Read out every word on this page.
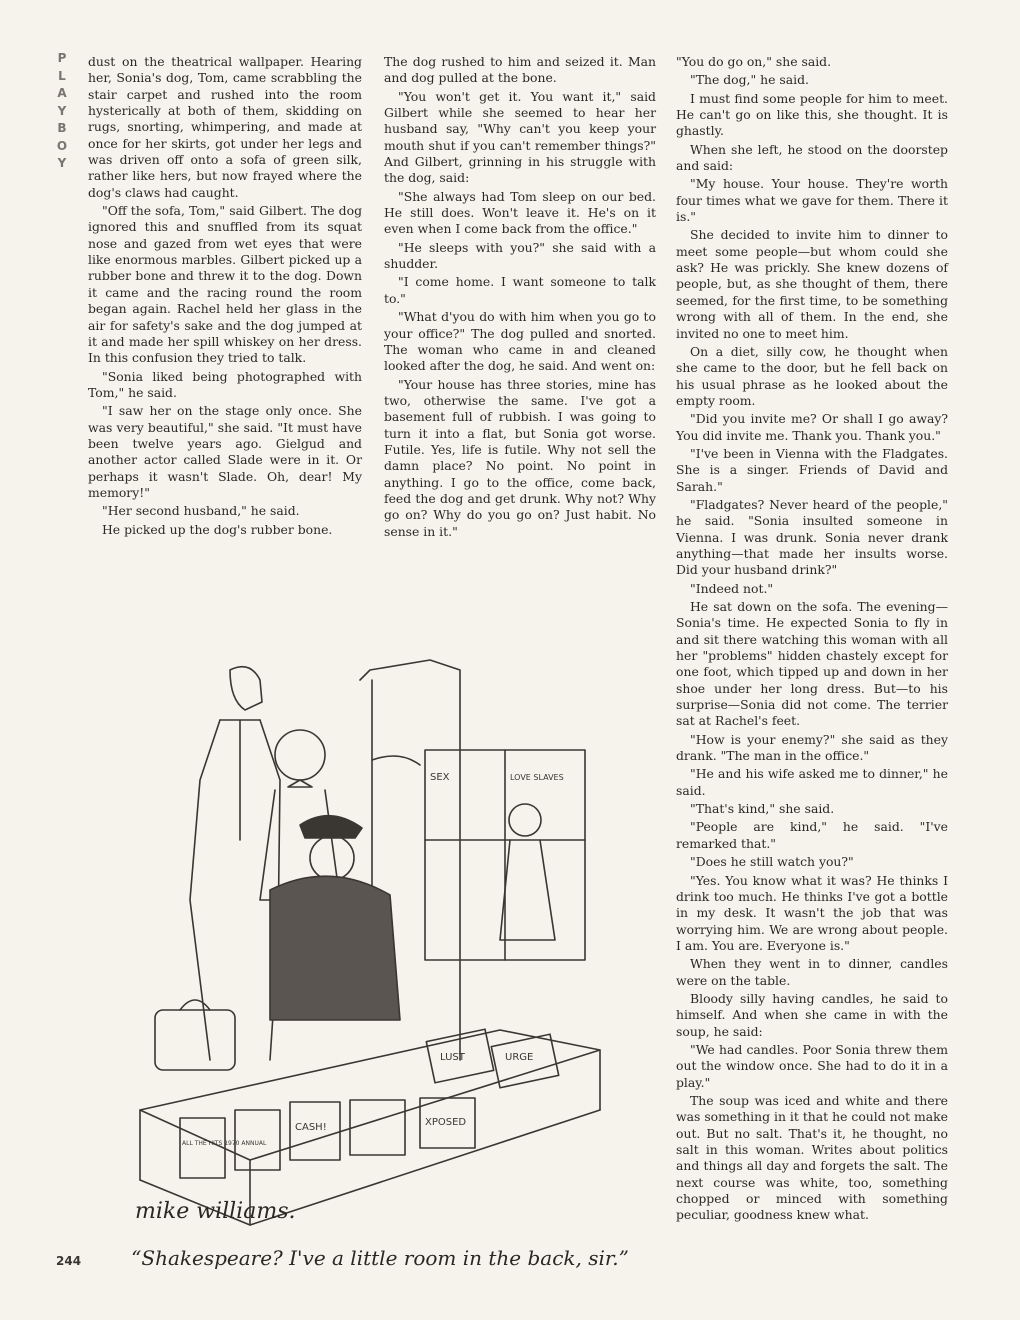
P
L
A
Y
B
O
Y

dust on the theatrical wallpaper. Hearing her, Sonia's dog, Tom, came scrabbling the stair carpet and rushed into the room hysterically at both of them, skidding on rugs, snorting, whimpering, and made at once for her skirts, got under her legs and was driven off onto a sofa of green silk, rather like hers, but now frayed where the dog's claws had caught.

"Off the sofa, Tom," said Gilbert. The dog ignored this and snuffled from its squat nose and gazed from wet eyes that were like enormous marbles. Gilbert picked up a rubber bone and threw it to the dog. Down it came and the racing round the room began again. Rachel held her glass in the air for safety's sake and the dog jumped at it and made her spill whiskey on her dress. In this confusion they tried to talk.

"Sonia liked being photographed with Tom," he said.

"I saw her on the stage only once. She was very beautiful," she said. "It must have been twelve years ago. Gielgud and another actor called Slade were in it. Or perhaps it wasn't Slade. Oh, dear! My memory!"

"Her second husband," he said.

He picked up the dog's rubber bone.

The dog rushed to him and seized it. Man and dog pulled at the bone.

"You won't get it. You want it," said Gilbert while she seemed to hear her husband say, "Why can't you keep your mouth shut if you can't remember things?" And Gilbert, grinning in his struggle with the dog, said:

"She always had Tom sleep on our bed. He still does. Won't leave it. He's on it even when I come back from the office."

"He sleeps with you?" she said with a shudder.

"I come home. I want someone to talk to."

"What d'you do with him when you go to your office?" The dog pulled and snorted. The woman who came in and cleaned looked after the dog, he said. And went on:

"Your house has three stories, mine has two, otherwise the same. I've got a basement full of rubbish. I was going to turn it into a flat, but Sonia got worse. Futile. Yes, life is futile. Why not sell the damn place? No point. No point in anything. I go to the office, come back, feed the dog and get drunk. Why not? Why go on? Why do you go on? Just habit. No sense in it."

"You do go on," she said.

"The dog," he said.

I must find some people for him to meet. He can't go on like this, she thought. It is ghastly.

When she left, he stood on the doorstep and said:

"My house. Your house. They're worth four times what we gave for them. There it is."

She decided to invite him to dinner to meet some people—but whom could she ask? He was prickly. She knew dozens of people, but, as she thought of them, there seemed, for the first time, to be something wrong with all of them. In the end, she invited no one to meet him.

On a diet, silly cow, he thought when she came to the door, but he fell back on his usual phrase as he looked about the empty room.

"Did you invite me? Or shall I go away? You did invite me. Thank you. Thank you."

"I've been in Vienna with the Fladgates. She is a singer. Friends of David and Sarah."

"Fladgates? Never heard of the people," he said. "Sonia insulted someone in Vienna. I was drunk. Sonia never drank anything—that made her insults worse. Did your husband drink?"

"Indeed not."

He sat down on the sofa. The evening—Sonia's time. He expected Sonia to fly in and sit there watching this woman with all her "problems" hidden chastely except for one foot, which tipped up and down in her shoe under her long dress. But—to his surprise—Sonia did not come. The terrier sat at Rachel's feet.

"How is your enemy?" she said as they drank. "The man in the office."

"He and his wife asked me to dinner," he said.

"That's kind," she said.

"People are kind," he said. "I've remarked that."

"Does he still watch you?"

"Yes. You know what it was? He thinks I drink too much. He thinks I've got a bottle in my desk. It wasn't the job that was worrying him. We are wrong about people. I am. You are. Everyone is."

When they went in to dinner, candles were on the table.

Bloody silly having candles, he said to himself. And when she came in with the soup, he said:

"We had candles. Poor Sonia threw them out the window once. She had to do it in a play."

The soup was iced and white and there was something in it that he could not make out. But no salt. That's it, he thought, no salt in this woman. Writes about politics and things all day and forgets the salt. The next course was white, too, something chopped or minced with something peculiar, goodness knew what.

SEX	LOVE SLAVES
ALL THE HITS 1970 ANNUAL
CASH!
LUST	URGE
XPOSED
mike williams.
“Shakespeare? I've a little room in the back, sir.”
244
